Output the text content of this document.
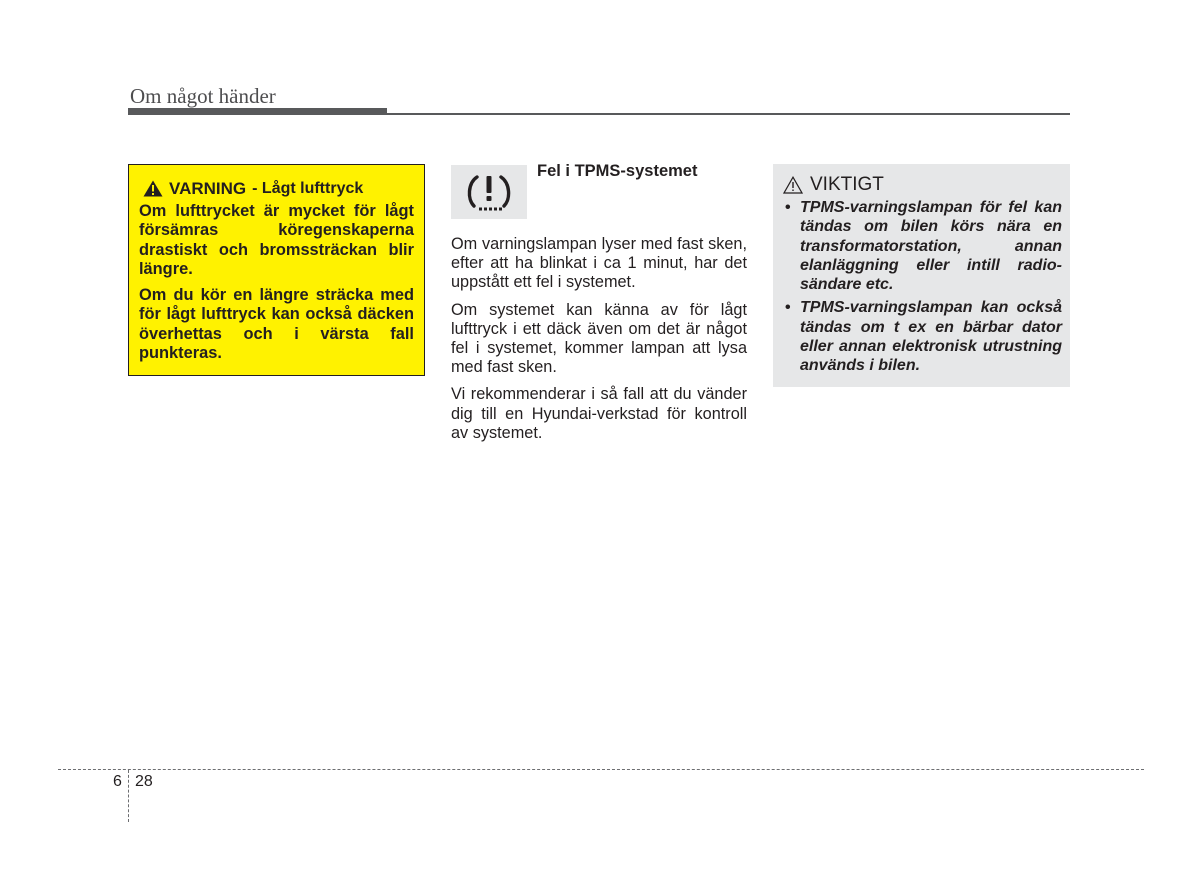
Om något händer
VARNING - Lågt lufttryck

Om lufttrycket är mycket för lågt försämras köregenskaperna drastiskt och bromssträckan blir längre.

Om du kör en längre sträcka med för lågt lufttryck kan också däcken överhettas och i värsta fall punkteras.

Fel i TPMS-systemet

Om varningslampan lyser med fast sken, efter att ha blinkat i ca 1 minut, har det uppstått ett fel i systemet.

Om systemet kan känna av för lågt lufttryck i ett däck även om det är något fel i systemet, kommer lampan att lysa med fast sken.

Vi rekommenderar i så fall att du vänder dig till en Hyundai-verkstad för kontroll av systemet.

VIKTIGT
• TPMS-varningslampan för fel kan tändas om bilen körs nära en transformatorstation, annan elanläggning eller intill radio- sändare etc.
• TPMS-varningslampan kan också tändas om t ex en bärbar dator eller annan elektronisk utrustning används i bilen.
6 28
